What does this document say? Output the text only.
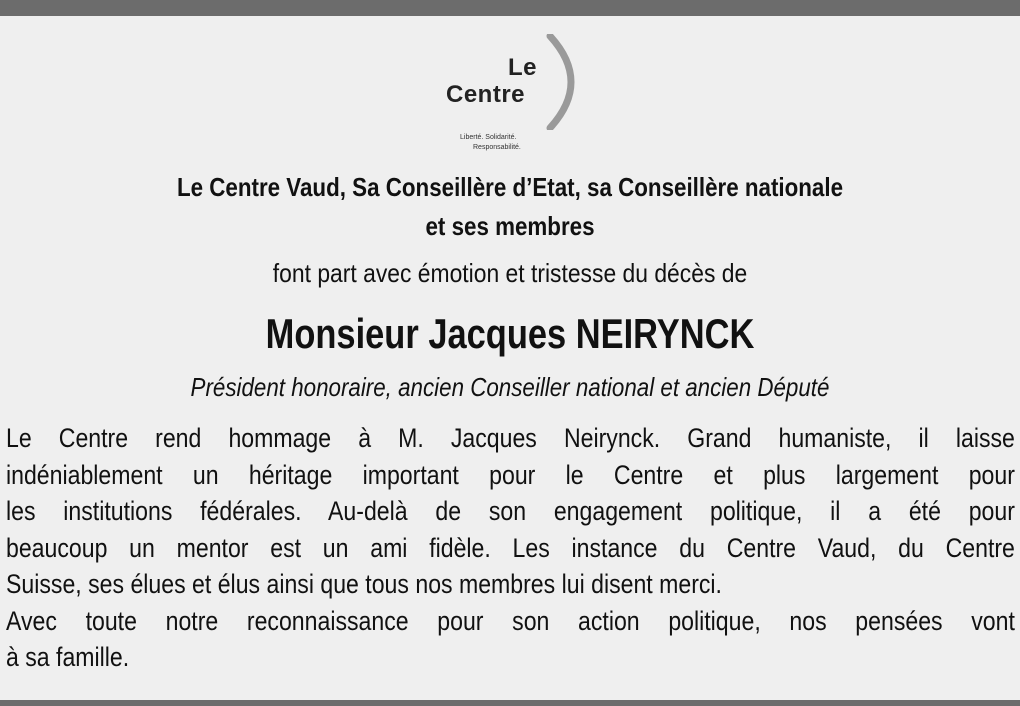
Le
Centre
Liberté. Solidarité.
Responsabilité.
Le Centre Vaud, Sa Conseillère d’Etat, sa Conseillère nationale
et ses membres
font part avec émotion et tristesse du décès de
Monsieur Jacques NEIRYNCK
Président honoraire, ancien Conseiller national et ancien Député
Le Centre rend hommage à M. Jacques Neirynck. Grand humaniste, il laisse
indéniablement un héritage important pour le Centre et plus largement pour
les institutions fédérales. Au-delà de son engagement politique, il a été pour
beaucoup un mentor est un ami fidèle. Les instance du Centre Vaud, du Centre
Suisse, ses élues et élus ainsi que tous nos membres lui disent merci.
Avec toute notre reconnaissance pour son action politique, nos pensées vont
à sa famille.
